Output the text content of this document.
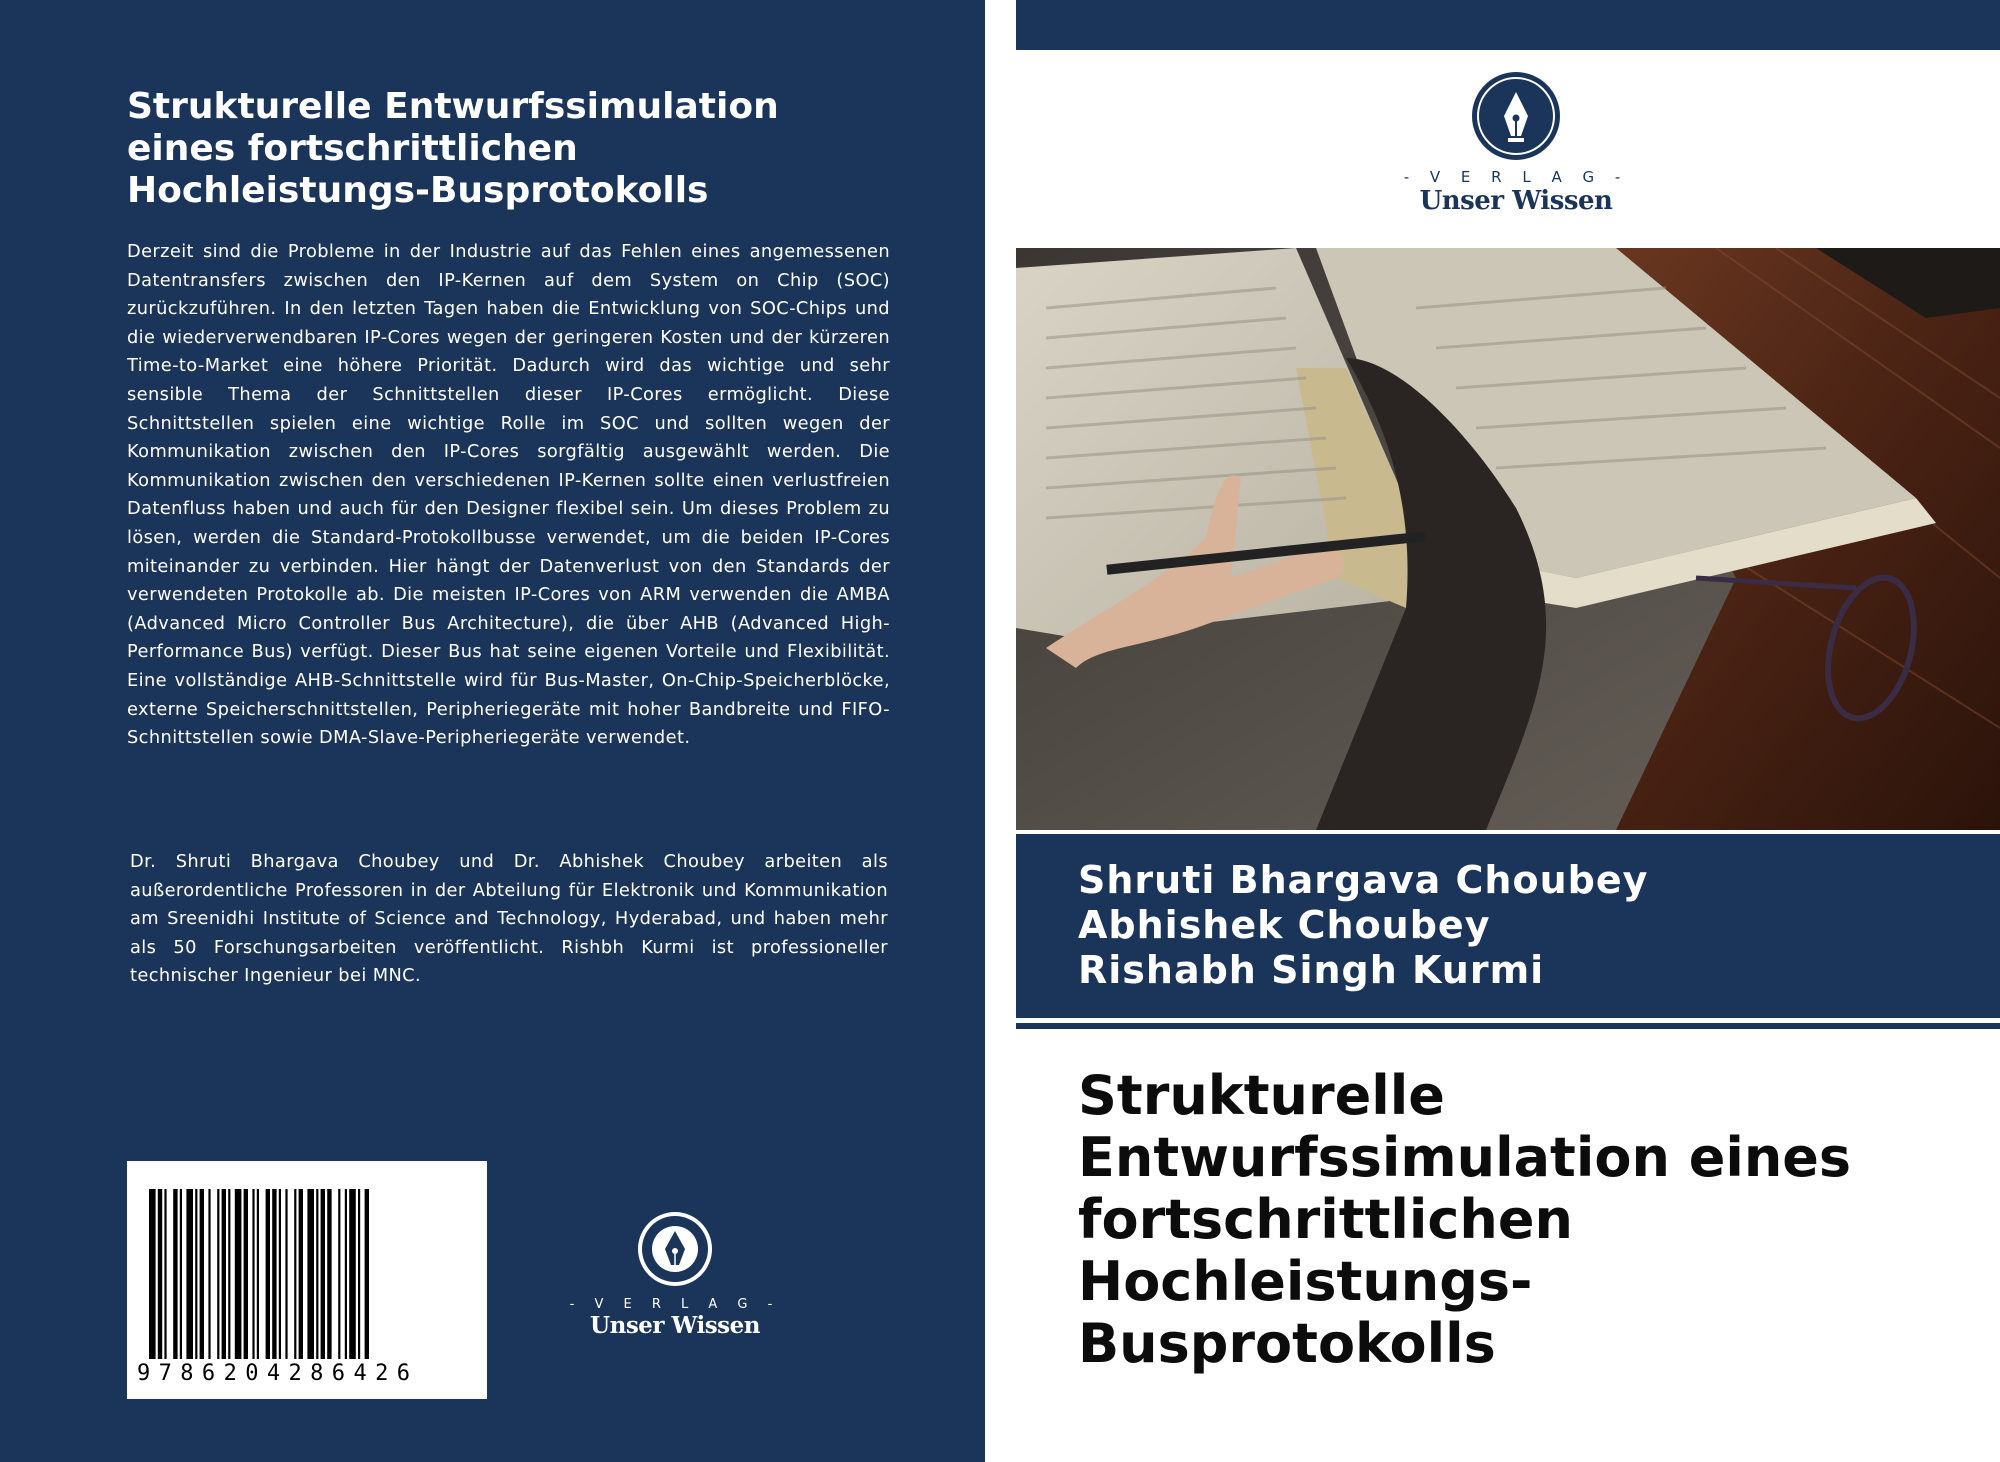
Strukturelle Entwurfssimulation
eines fortschrittlichen
Hochleistungs-Busprotokolls

Derzeit sind die Probleme in der Industrie auf das Fehlen eines angemessenen Datentransfers zwischen den IP-Kernen auf dem System on Chip (SOC) zurückzuführen. In den letzten Tagen haben die Entwicklung von SOC-Chips und die wiederverwendbaren IP-Cores wegen der geringeren Kosten und der kürzeren Time-to-Market eine höhere Priorität. Dadurch wird das wichtige und sehr sensible Thema der Schnittstellen dieser IP-Cores ermöglicht. Diese Schnittstellen spielen eine wichtige Rolle im SOC und sollten wegen der Kommunikation zwischen den IP-Cores sorgfältig ausgewählt werden. Die Kommunikation zwischen den verschiedenen IP-Kernen sollte einen verlustfreien Datenfluss haben und auch für den Designer flexibel sein. Um dieses Problem zu lösen, werden die Standard-Protokollbusse verwendet, um die beiden IP-Cores miteinander zu verbinden. Hier hängt der Datenverlust von den Standards der verwendeten Protokolle ab. Die meisten IP-Cores von ARM verwenden die AMBA (Advanced Micro Controller Bus Architecture), die über AHB (Advanced High-Performance Bus) verfügt. Dieser Bus hat seine eigenen Vorteile und Flexibilität. Eine vollständige AHB-Schnittstelle wird für Bus-Master, On-Chip-Speicherblöcke, externe Speicherschnittstellen, Peripheriegeräte mit hoher Bandbreite und FIFO-Schnittstellen sowie DMA-Slave-Peripheriegeräte verwendet.

Dr. Shruti Bhargava Choubey und Dr. Abhishek Choubey arbeiten als außerordentliche Professoren in der Abteilung für Elektronik und Kommunikation am Sreenidhi Institute of Science and Technology, Hyderabad, und haben mehr als 50 Forschungsarbeiten veröffentlicht. Rishbh Kurmi ist professioneller technischer Ingenieur bei MNC.

9786204286426
- V E R L A G -
Unser Wissen
- V E R L A G -
Unser Wissen
Shruti Bhargava Choubey
Abhishek Choubey
Rishabh Singh Kurmi
Strukturelle
Entwurfssimulation eines
fortschrittlichen
Hochleistungs-
Busprotokolls
